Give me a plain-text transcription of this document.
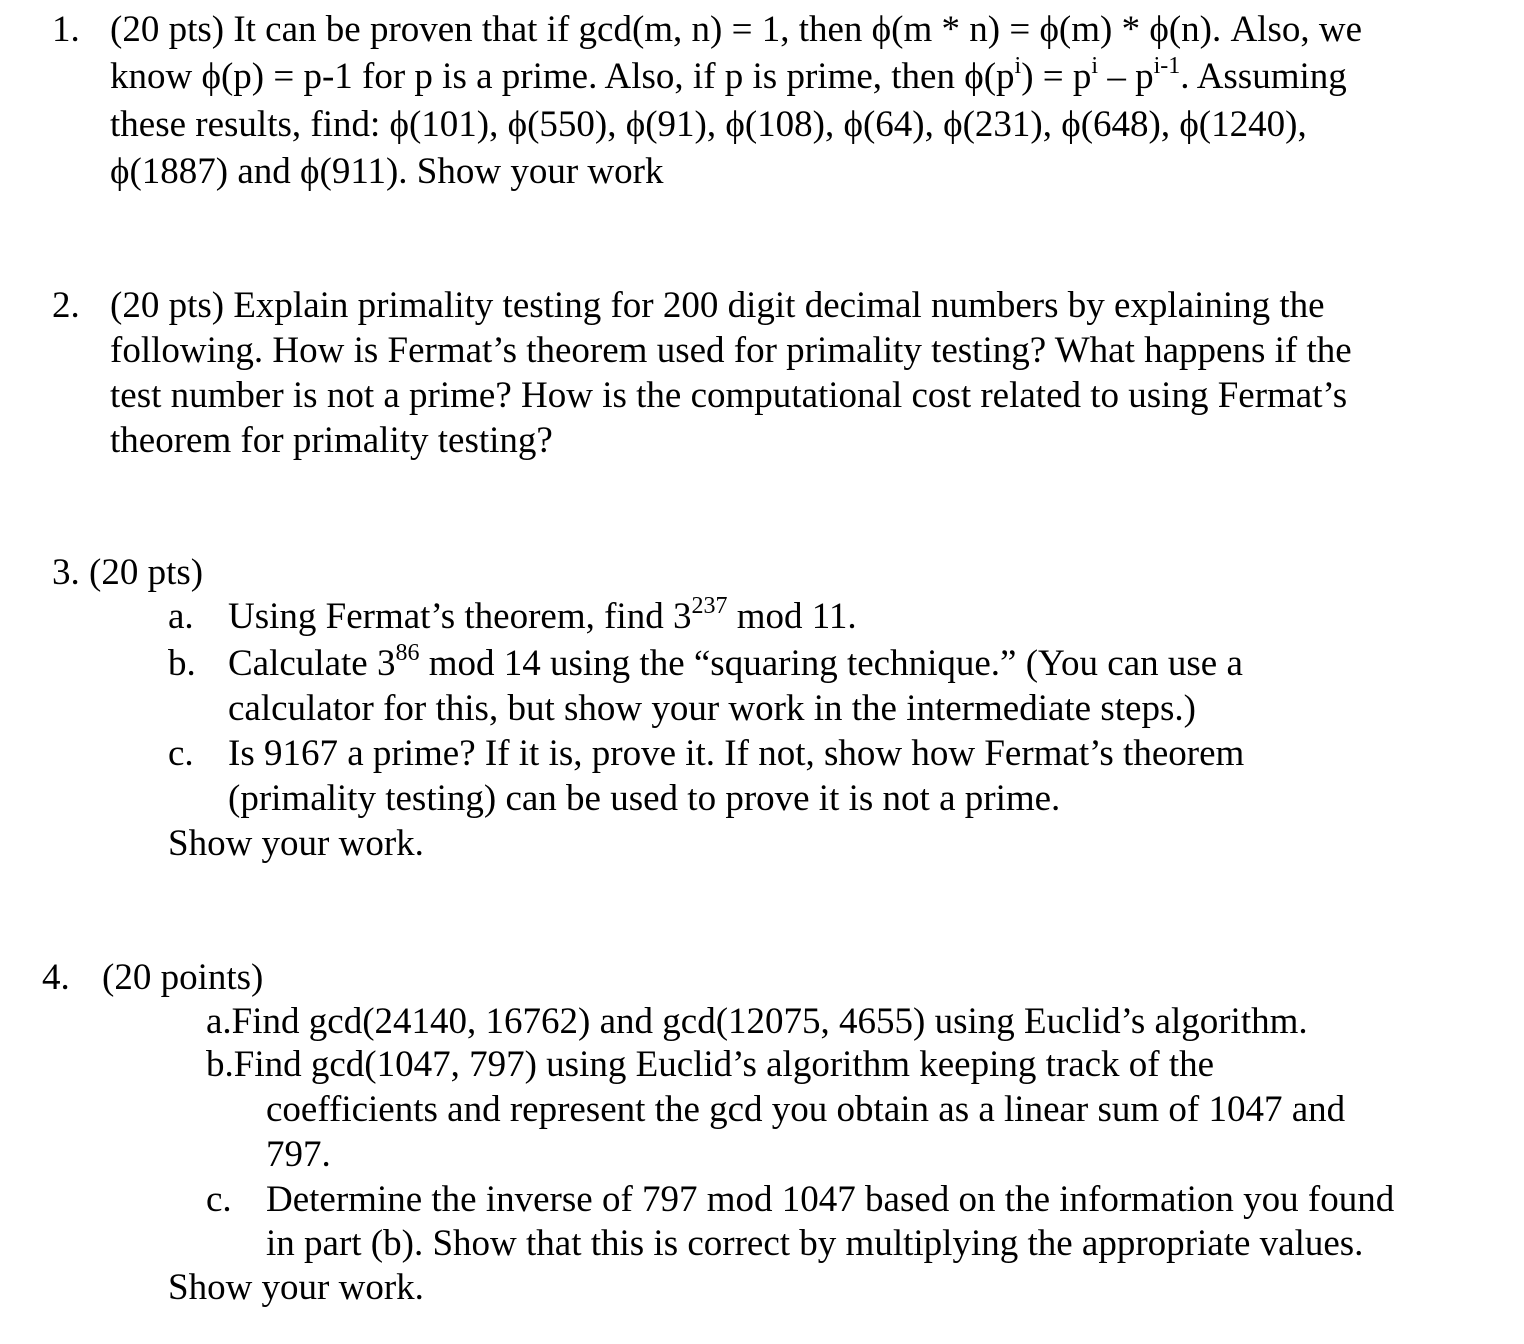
1. (20 pts) It can be proven that if gcd(m, n) = 1, then ϕ(m * n) = ϕ(m) * ϕ(n). Also, we
know ϕ(p) = p-1 for p is a prime. Also, if p is prime, then $\phi(p^i) = p^i - p^{i-1}$. Assuming
these results, find: ϕ(101), ϕ(550), ϕ(91), ϕ(108), ϕ(64), ϕ(231), ϕ(648), ϕ(1240),
ϕ(1887) and ϕ(911). Show your work
2. (20 pts) Explain primality testing for 200 digit decimal numbers by explaining the
following. How is Fermat’s theorem used for primality testing? What happens if the
test number is not a prime? How is the computational cost related to using Fermat’s
theorem for primality testing?
3. (20 pts)
a. Using Fermat’s theorem, find $3^{237}$ mod 11.
b. Calculate $3^{86}$ mod 14 using the “squaring technique.” (You can use a
calculator for this, but show your work in the intermediate steps.)
c. Is 9167 a prime? If it is, prove it. If not, show how Fermat’s theorem
(primality testing) can be used to prove it is not a prime.
Show your work.
4. (20 points)
a.Find gcd(24140, 16762) and gcd(12075, 4655) using Euclid’s algorithm.
b.Find gcd(1047, 797) using Euclid’s algorithm keeping track of the
coefficients and represent the gcd you obtain as a linear sum of 1047 and
797.
c. Determine the inverse of 797 mod 1047 based on the information you found
in part (b). Show that this is correct by multiplying the appropriate values.
Show your work.
